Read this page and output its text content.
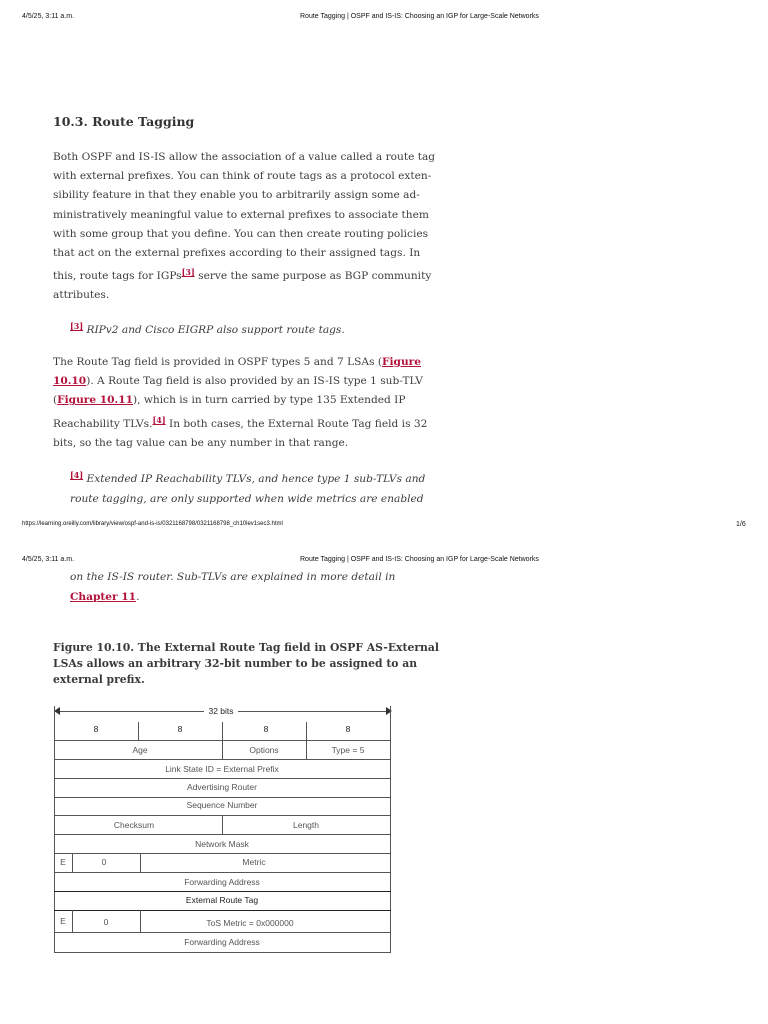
4/5/25, 3:11 a.m.	Route Tagging | OSPF and IS-IS: Choosing an IGP for Large-Scale Networks
10.3. Route Tagging

Both OSPF and IS-IS allow the association of a value called a route tag

with external prefixes. You can think of route tags as a protocol exten-

sibility feature in that they enable you to arbitrarily assign some ad-

ministratively meaningful value to external prefixes to associate them

with some group that you define. You can then create routing policies

that act on the external prefixes according to their assigned tags. In

this, route tags for IGPs[3] serve the same purpose as BGP community

attributes.

[3] RIPv2 and Cisco EIGRP also support route tags.

The Route Tag field is provided in OSPF types 5 and 7 LSAs (Figure

10.10). A Route Tag field is also provided by an IS-IS type 1 sub-TLV

(Figure 10.11), which is in turn carried by type 135 Extended IP

Reachability TLVs.[4] In both cases, the External Route Tag field is 32

bits, so the tag value can be any number in that range.

[4] Extended IP Reachability TLVs, and hence type 1 sub-TLVs and

route tagging, are only supported when wide metrics are enabled

https://learning.oreilly.com/library/view/ospf-and-is-is/0321168798/0321168798_ch10lev1sec3.html	1/6
4/5/25, 3:11 a.m.	Route Tagging | OSPF and IS-IS: Choosing an IGP for Large-Scale Networks

on the IS-IS router. Sub-TLVs are explained in more detail in

Chapter 11.

Figure 10.10. The External Route Tag field in OSPF AS-External

LSAs allows an arbitrary 32-bit number to be assigned to an

external prefix.

32 bits
8	8	8	8
Age	Options	Type = 5
Link State ID = External Prefix
Advertising Router
Sequence Number
Checksum	Length
Network Mask
E	0	Metric
Forwarding Address
External Route Tag
E	0	ToS Metric = 0x000000
Forwarding Address
